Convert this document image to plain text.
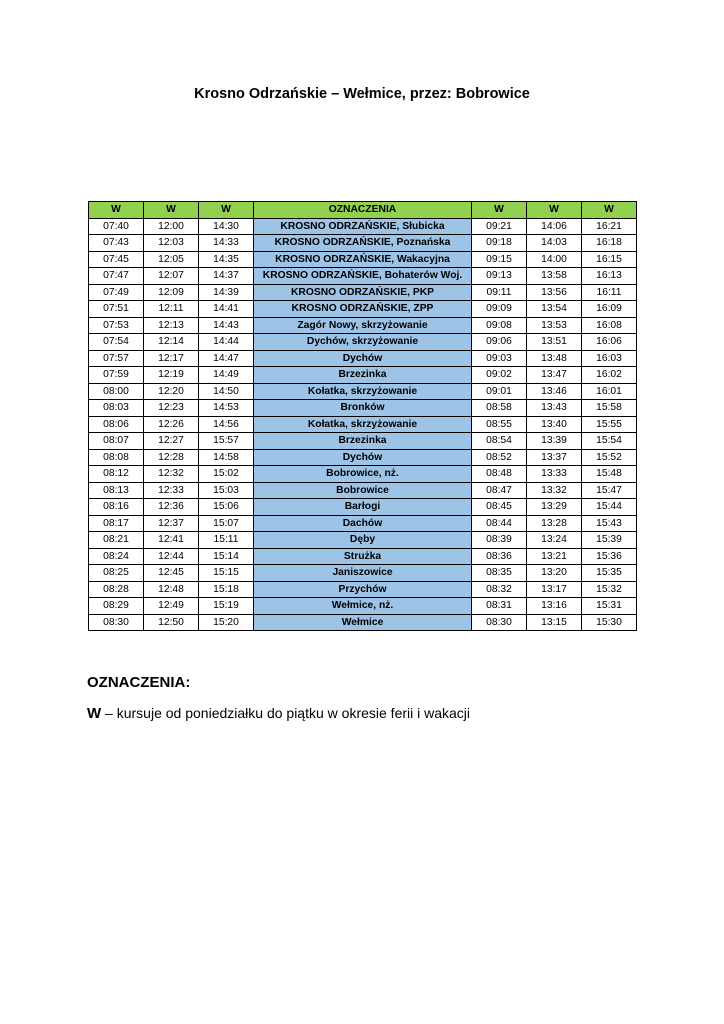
Krosno Odrzańskie – Wełmice, przez: Bobrowice
W	W	W	OZNACZENIA	W	W	W
07:40	12:00	14:30	KROSNO ODRZAŃSKIE, Słubicka	09:21	14:06	16:21
07:43	12:03	14:33	KROSNO ODRZAŃSKIE, Poznańska	09:18	14:03	16:18
07:45	12:05	14:35	KROSNO ODRZAŃSKIE, Wakacyjna	09:15	14:00	16:15
07:47	12:07	14:37	KROSNO ODRZAŃSKIE, Bohaterów Woj.	09:13	13:58	16:13
07:49	12:09	14:39	KROSNO ODRZAŃSKIE, PKP	09:11	13:56	16:11
07:51	12:11	14:41	KROSNO ODRZAŃSKIE, ZPP	09:09	13:54	16:09
07:53	12:13	14:43	Zagór Nowy, skrzyżowanie	09:08	13:53	16:08
07:54	12:14	14:44	Dychów, skrzyżowanie	09:06	13:51	16:06
07:57	12:17	14:47	Dychów	09:03	13:48	16:03
07:59	12:19	14:49	Brzezinka	09:02	13:47	16:02
08:00	12:20	14:50	Kołatka, skrzyżowanie	09:01	13:46	16:01
08:03	12:23	14:53	Bronków	08:58	13:43	15:58
08:06	12:26	14:56	Kołatka, skrzyżowanie	08:55	13:40	15:55
08:07	12:27	15:57	Brzezinka	08:54	13:39	15:54
08:08	12:28	14:58	Dychów	08:52	13:37	15:52
08:12	12:32	15:02	Bobrowice, nż.	08:48	13:33	15:48
08:13	12:33	15:03	Bobrowice	08:47	13:32	15:47
08:16	12:36	15:06	Barłogi	08:45	13:29	15:44
08:17	12:37	15:07	Dachów	08:44	13:28	15:43
08:21	12:41	15:11	Dęby	08:39	13:24	15:39
08:24	12:44	15:14	Strużka	08:36	13:21	15:36
08:25	12:45	15:15	Janiszowice	08:35	13:20	15:35
08:28	12:48	15:18	Przychów	08:32	13:17	15:32
08:29	12:49	15:19	Wełmice, nż.	08:31	13:16	15:31
08:30	12:50	15:20	Wełmice	08:30	13:15	15:30
OZNACZENIA:
W – kursuje od poniedziałku do piątku w okresie ferii i wakacji
